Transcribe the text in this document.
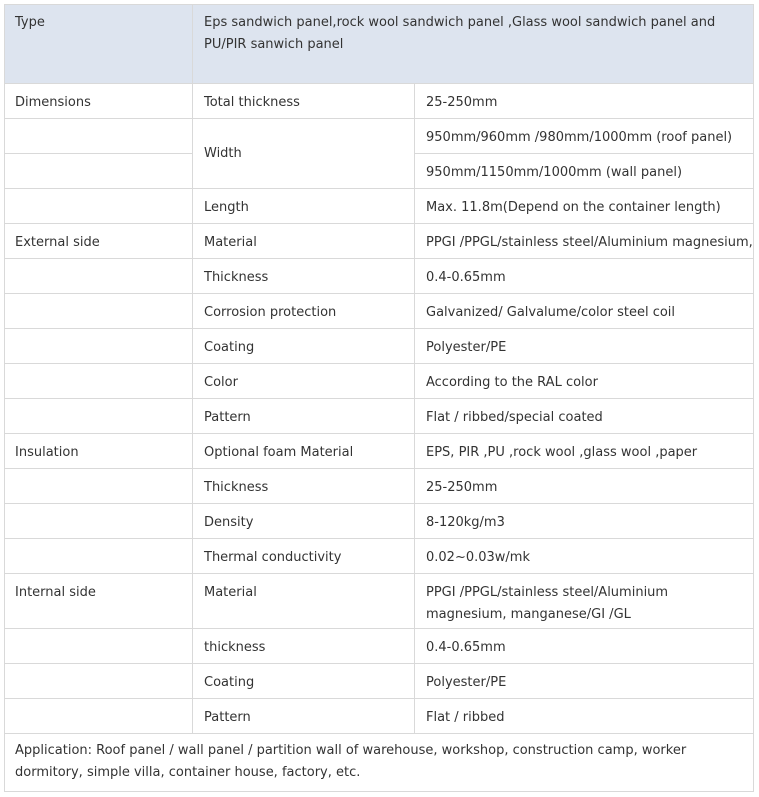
Type	Eps sandwich panel,rock wool sandwich panel ,Glass wool sandwich panel and PU/PIR sanwich panel
Dimensions
External side
Insulation
Internal side
Total thickness
Width
Length
Material
Thickness
Corrosion protection
Coating
Color
Pattern
Optional foam Material
Thickness
Density
Thermal conductivity
Material
thickness
Coating
Pattern
25-250mm
950mm/960mm /980mm/1000mm (roof panel)
950mm/1150mm/1000mm (wall panel)
Max. 11.8m(Depend on the container length)
PPGI /PPGL/stainless steel/Aluminium magnesium,
0.4-0.65mm
Galvanized/ Galvalume/color steel coil
Polyester/PE
According to the RAL color
Flat / ribbed/special coated
EPS, PIR ,PU ,rock wool ,glass wool ,paper
25-250mm
8-120kg/m3
0.02~0.03w/mk
PPGI /PPGL/stainless steel/Aluminium magnesium, manganese/GI /GL
0.4-0.65mm
Polyester/PE
Flat / ribbed
Application: Roof panel / wall panel / partition wall of warehouse, workshop, construction camp, worker dormitory, simple villa, container house, factory, etc.
